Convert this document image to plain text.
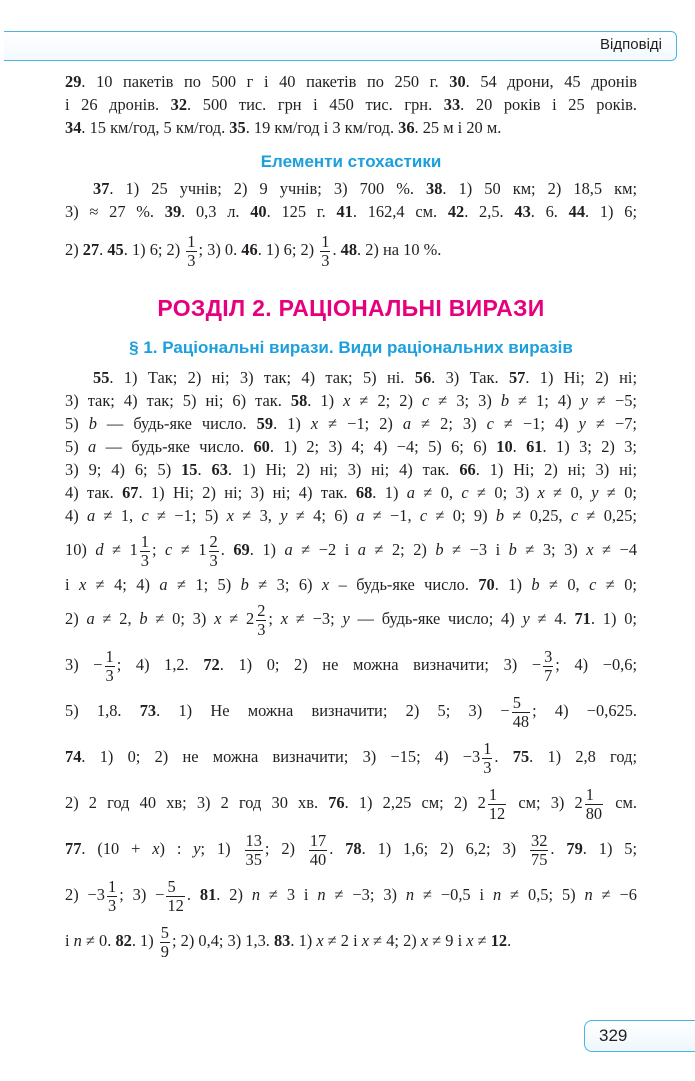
Відповіді
29. 10 пакетів по 500 г і 40 пакетів по 250 г. 30. 54 дрони, 45 дронів
і 26 дронів. 32. 500 тис. грн і 450 тис. грн. 33. 20 років і 25 років.
34. 15 км/год, 5 км/год. 35. 19 км/год і 3 км/год. 36. 25 м і 20 м.
Елементи стохастики
37. 1) 25 учнів; 2) 9 учнів; 3) 700 %. 38. 1) 50 км; 2) 18,5 км;
3) ≈ 27 %. 39. 0,3 л. 40. 125 г. 41. 162,4 см. 42. 2,5. 43. 6. 44. 1) 6;
2) 27. 45. 1) 6; $2) \frac{1}{3}$ ; 3) 0. 46. 1) 6; $2) \frac{1}{3}$ . 48. 2) на 10 %.
РОЗДІЛ 2. РАЦІОНАЛЬНІ ВИРАЗИ
§ 1. Раціональні вирази. Види раціональних виразів
55. 1) Так; 2) ні; 3) так; 4) так; 5) ні. 56. 3) Так. 57. 1) Ні; 2) ні;
3) так; 4) так; 5) ні; 6) так. 58. 1) x ≠ 2; 2) c ≠ 3; 3) b ≠ 1; 4) y ≠ −5;
5) b — будь-яке число. 59. 1) x ≠ −1; 2) a ≠ 2; 3) c ≠ −1; 4) y ≠ −7;
5) a — будь-яке число. 60. 1) 2; 3) 4; 4) −4; 5) 6; 6) 10. 61. 1) 3; 2) 3;
3) 9; 4) 6; 5) 15. 63. 1) Ні; 2) ні; 3) ні; 4) так. 66. 1) Ні; 2) ні; 3) ні;
4) так. 67. 1) Ні; 2) ні; 3) ні; 4) так. 68. 1) a ≠ 0, c ≠ 0; 3) x ≠ 0, y ≠ 0;
4) a ≠ 1, c ≠ −1; 5) x ≠ 3, y ≠ 4; 6) a ≠ −1, c ≠ 0; 9) b ≠ 0,25, c ≠ 0,25;
10) $d \ne 1 \frac{1}{3}$ ; $c \ne 1 \frac{2}{3}$ . 69. 1) a ≠ −2 і a ≠ 2; 2) b ≠ −3 і b ≠ 3; 3) x ≠ −4
і x ≠ 4; 4) a ≠ 1; 5) b ≠ 3; 6) x – будь-яке число. 70. 1) b ≠ 0, c ≠ 0;
2) a ≠ 2, b ≠ 0; 3) $x \ne 2 \frac{2}{3}$ ; x ≠ −3; y — будь-яке число; 4) y ≠ 4. 71. 1) 0;
$3) - \frac{1}{3}$ ; 4) 1,2. 72. 1) 0; 2) не можна визначити; $3) - \frac{3}{7}$ ; 4) −0,6;
5) 1,8. 73. 1) Не можна визначити; 2) 5; $3) - \frac{5}{48}$ ; 4) −0,625.
74. 1) 0; 2) не можна визначити; 3) −15; $4) -3 \frac{1}{3}$ . 75. 1) 2,8 год;
2) 2 год 40 хв; 3) 2 год 30 хв. 76. 1) 2,25 см; 2) $2 \frac{1}{12}$ см; 3) $2 \frac{1}{80}$ см.
77. (10 + x) : y; $1) \frac{13}{35}$ ; $2) \frac{17}{40}$ . 78. 1) 1,6; 2) 6,2; $3) \frac{32}{75}$ . 79. 1) 5;
$2) -3 \frac{1}{3}$ ; $3) - \frac{5}{12}$ . 81. 2) n ≠ 3 і n ≠ −3; 3) n ≠ −0,5 і n ≠ 0,5; 5) n ≠ −6
і n ≠ 0. 82. $1) \frac{5}{9}$ ; 2) 0,4; 3) 1,3. 83. 1) x ≠ 2 і x ≠ 4; 2) x ≠ 9 і x ≠ 12.
329
